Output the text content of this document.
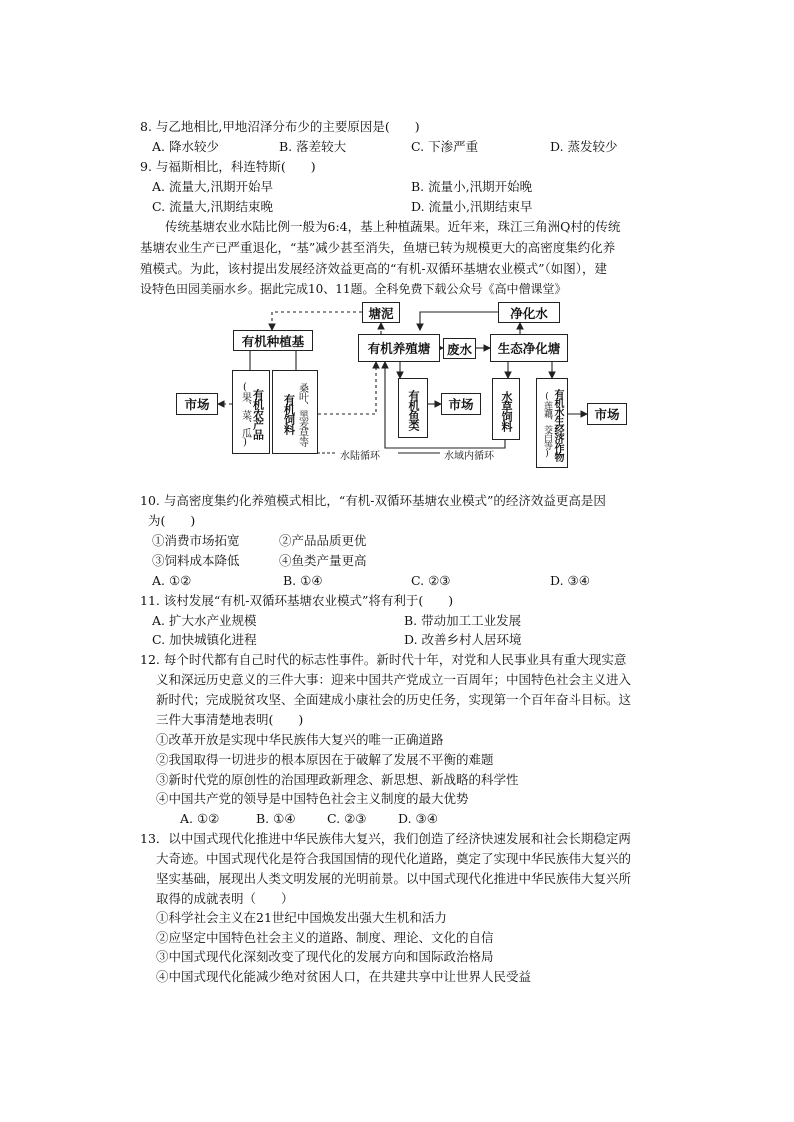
8. 与乙地相比,甲地沼泽分布少的主要原因是(　　)
A. 降水较少	B. 落差较大	C. 下渗严重	D. 蒸发较少
9. 与福斯相比，科连特斯(　　)
A. 流量大,汛期开始早	B. 流量小,汛期开始晚
C. 流量大,汛期结束晚	D. 流量小,汛期结束早
传统基塘农业水陆比例一般为6:4，基上种植蔬果。近年来，珠江三角洲Q村的传统
基塘农业生产已严重退化，“基”减少甚至消失，鱼塘已转为规模更大的高密度集约化养
殖模式。为此，该村提出发展经济效益更高的“有机-双循环基塘农业模式”（如图），建
设特色田园美丽水乡。据此完成10、11题。全科免费下载公众号《高中僧课堂》
有机种植基
塘泥	净化水
有机养殖塘 废水 生态净化塘
市场	市场
市场
(果、菜、瓜) 有机农产品 有机饲料 桑叶、黑麦草等	有机鱼类	水草饲料	(莲藕、茭白等) 有机水生经济作物
水陆循环	水域内循环
10. 与高密度集约化养殖模式相比，“有机-双循环基塘农业模式”的经济效益更高是因
为(　　)
①消费市场拓宽	②产品品质更优
③饲料成本降低	④鱼类产量更高
A. ①②	B. ①④	C. ②③	D. ③④
11. 该村发展“有机-双循环基塘农业模式”将有利于(　　)
A. 扩大水产业规模	B. 带动加工工业发展
C. 加快城镇化进程	D. 改善乡村人居环境
12. 每个时代都有自己时代的标志性事件。新时代十年，对党和人民事业具有重大现实意
义和深远历史意义的三件大事：迎来中国共产党成立一百周年；中国特色社会主义进入
新时代；完成脱贫攻坚、全面建成小康社会的历史任务，实现第一个百年奋斗目标。这
三件大事清楚地表明(　　)
①改革开放是实现中华民族伟大复兴的唯一正确道路
②我国取得一切进步的根本原因在于破解了发展不平衡的难题
③新时代党的原创性的治国理政新理念、新思想、新战略的科学性
④中国共产党的领导是中国特色社会主义制度的最大优势
A. ①②	B. ①④	C. ②③	D. ③④
13．以中国式现代化推进中华民族伟大复兴，我们创造了经济快速发展和社会长期稳定两
大奇迹。中国式现代化是符合我国国情的现代化道路，奠定了实现中华民族伟大复兴的
坚实基础，展现出人类文明发展的光明前景。以中国式现代化推进中华民族伟大复兴所
取得的成就表明（　　）
①科学社会主义在21世纪中国焕发出强大生机和活力
②应坚定中国特色社会主义的道路、制度、理论、文化的自信
③中国式现代化深刻改变了现代化的发展方向和国际政治格局
④中国式现代化能减少绝对贫困人口，在共建共享中让世界人民受益
